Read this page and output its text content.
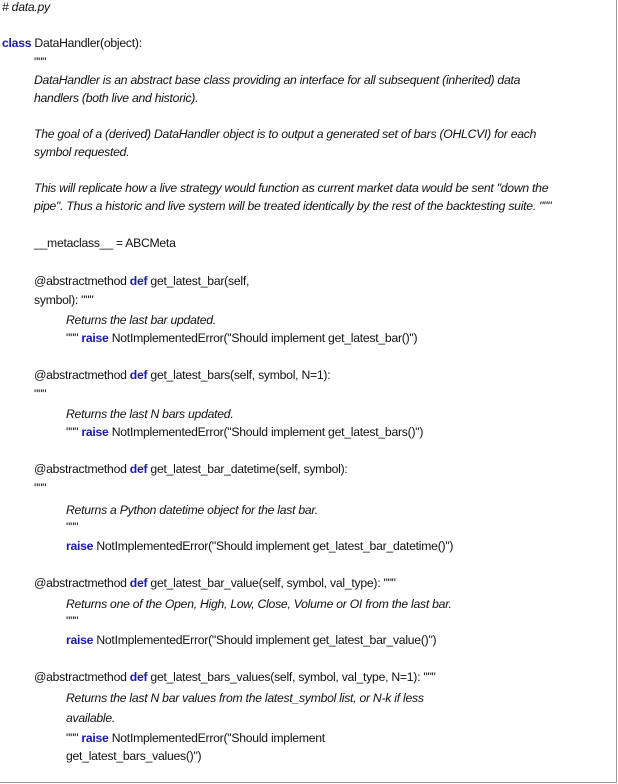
# data.py
class DataHandler(object):
"""
DataHandler is an abstract base class providing an interface for all subsequent (inherited) data
handlers (both live and historic).
The goal of a (derived) DataHandler object is to output a generated set of bars (OHLCVI) for each
symbol requested.
This will replicate how a live strategy would function as current market data would be sent "down the
pipe". Thus a historic and live system will be treated identically by the rest of the backtesting suite. """
__metaclass__ = ABCMeta
@abstractmethod def get_latest_bar(self,
symbol): """
Returns the last bar updated.
""" raise NotImplementedError("Should implement get_latest_bar()")
@abstractmethod def get_latest_bars(self, symbol, N=1):
"""
Returns the last N bars updated.
""" raise NotImplementedError("Should implement get_latest_bars()")
@abstractmethod def get_latest_bar_datetime(self, symbol):
"""
Returns a Python datetime object for the last bar.
"""
raise NotImplementedError("Should implement get_latest_bar_datetime()")
@abstractmethod def get_latest_bar_value(self, symbol, val_type): """
Returns one of the Open, High, Low, Close, Volume or OI from the last bar.
"""
raise NotImplementedError("Should implement get_latest_bar_value()")
@abstractmethod def get_latest_bars_values(self, symbol, val_type, N=1): """
Returns the last N bar values from the latest_symbol list, or N-k if less
available.
""" raise NotImplementedError("Should implement
get_latest_bars_values()")
